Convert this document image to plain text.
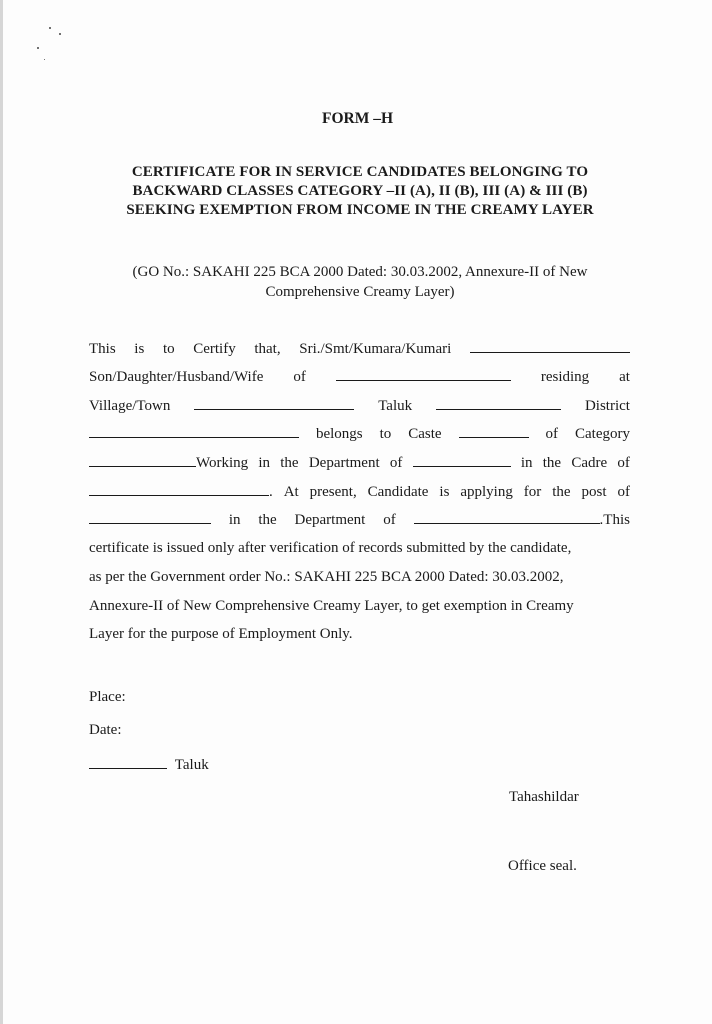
FORM –H
CERTIFICATE FOR IN SERVICE CANDIDATES BELONGING TO
BACKWARD CLASSES CATEGORY –II (A), II (B), III (A) & III (B)
SEEKING EXEMPTION FROM INCOME IN THE CREAMY LAYER
(GO No.: SAKAHI 225 BCA 2000 Dated: 30.03.2002, Annexure-II of New
Comprehensive Creamy Layer)
This is to Certify that, Sri./Smt/Kumara/Kumari
Son/Daughter/Husband/Wife of	residing at
Village/Town	Taluk	District
belongs to Caste	of Category
Working in the Department of	in the Cadre of
. At present, Candidate is applying for the post of
in the Department of	.This
certificate is issued only after verification of records submitted by the candidate,
as per the Government order No.: SAKAHI 225 BCA 2000 Dated: 30.03.2002,
Annexure-II of New Comprehensive Creamy Layer, to get exemption in Creamy
Layer for the purpose of Employment Only.
Place:
Date:
Taluk
Tahashildar
Office seal.
